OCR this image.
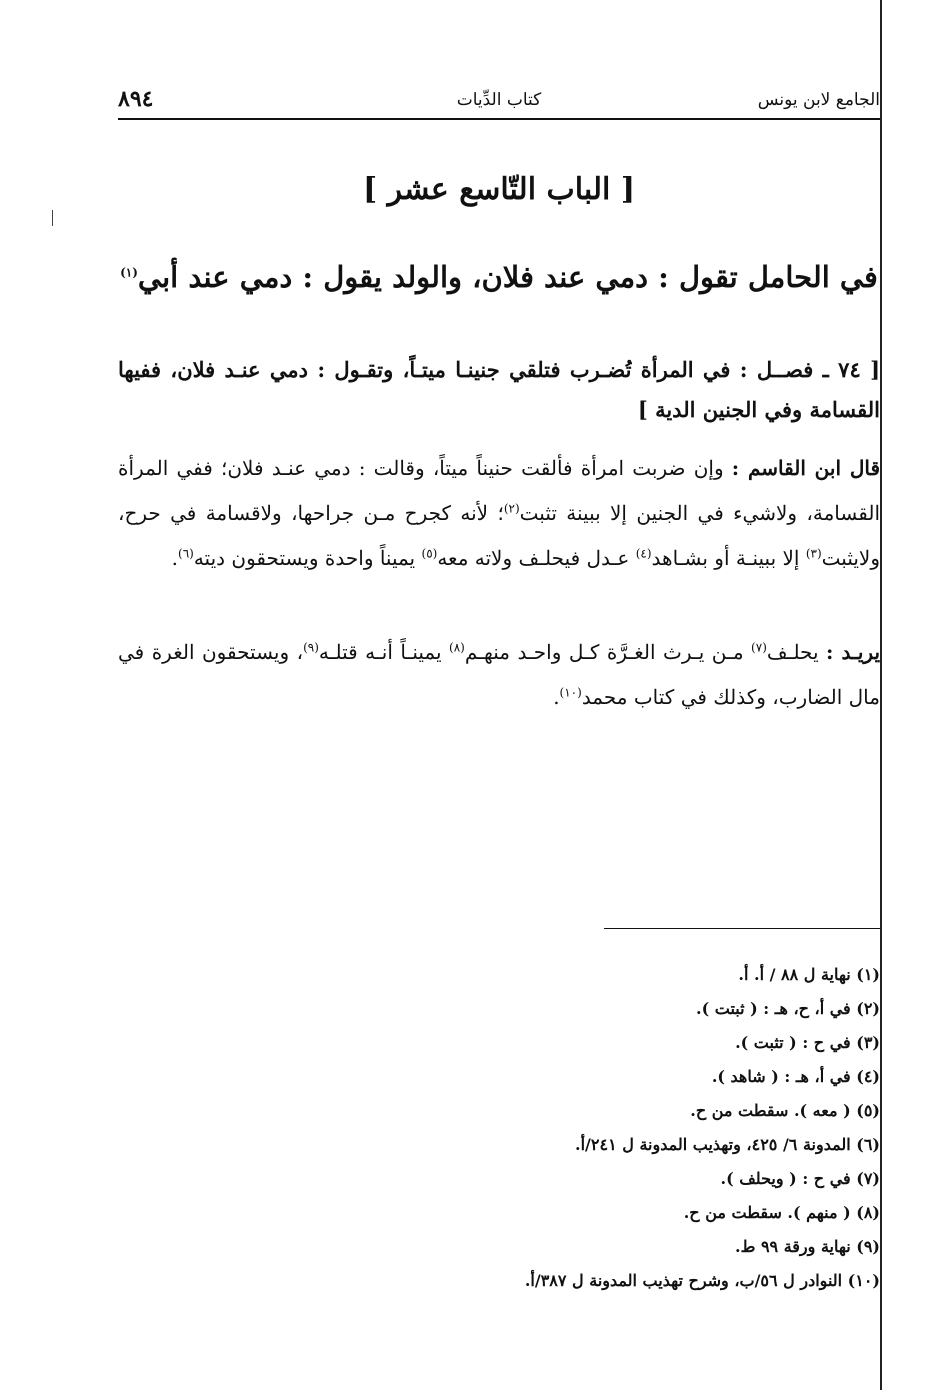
الجامع لابن يونس
كتاب الدِّيات
٨٩٤
[ الباب التّاسع عشر ]
في الحامل تقول : دمي عند فلان، والولد يقول : دمي عند أبي$^{(١)}$
[ ٧٤ ـ فصــل : في المرأة تُضـرب فتلقي جنينـا ميتـاً، وتقـول : دمي عنـد فلان، ففيها القسامة وفي الجنين الدية ]
قال ابن القاسم : وإن ضربت امرأة فألقت حنيناً ميتاً، وقالت : دمي عنـد فلان؛ ففي المرأة القسامة، ولاشيء في الجنين إلا ببينة تثبت$^{(٢)}$؛ لأنه كجرح مـن جراحها، ولاقسامة في حرح، ولايثبت$^{(٣)}$ إلا ببينـة أو بشـاهد$^{(٤)}$ عـدل فيحلـف ولاته معه$^{(٥)}$ يميناً واحدة ويستحقون ديته$^{(٦)}$.
يريـد : يحلـف$^{(٧)}$ مـن يـرث الغـرَّة كـل واحـد منهـم$^{(٨)}$ يمينـاً أنـه قتلـه$^{(٩)}$، ويستحقون الغرة في مال الضارب، وكذلك في كتاب محمد$^{(١٠)}$.
(١) نهاية ل ٨٨ / أ. أ.
(٢) في أ، ح، هـ : ( ثبتت ).
(٣) في ح : ( تثبت ).
(٤) في أ، هـ : ( شاهد ).
(٥) ( معه ). سقطت من ح.
(٦) المدونة ٦/ ٤٢٥، وتهذيب المدونة ل ٢٤١/أ.
(٧) في ح : ( ويحلف ).
(٨) ( منهم ). سقطت من ح.
(٩) نهاية ورقة ٩٩ ط.
(١٠) النوادر ل ٥٦/ب، وشرح تهذيب المدونة ل ٣٨٧/أ.
